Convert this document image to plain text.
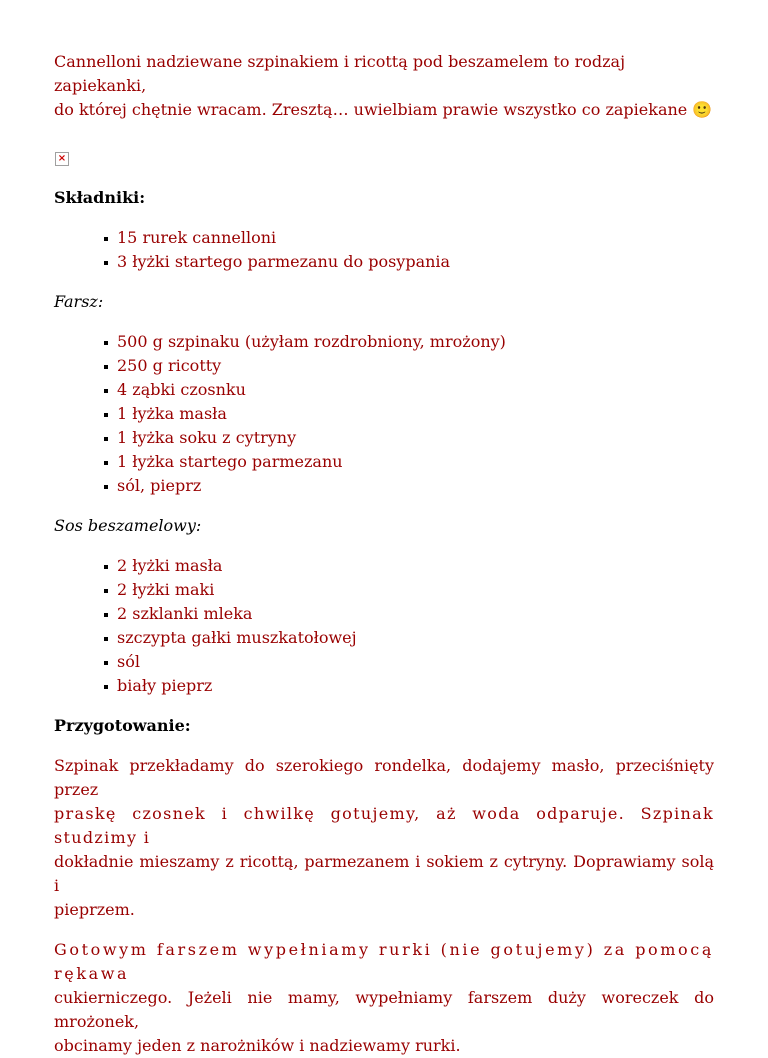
Cannelloni nadziewane szpinakiem i ricottą pod beszamelem to rodzaj zapiekanki,
do której chętnie wracam. Zresztą… uwielbiam prawie wszystko co zapiekane 🙂

×

Składniki:

15 rurek cannelloni
3 łyżki startego parmezanu do posypania

Farsz:

500 g szpinaku (użyłam rozdrobniony, mrożony)
250 g ricotty
4 ząbki czosnku
1 łyżka masła
1 łyżka soku z cytryny
1 łyżka startego parmezanu
sól, pieprz

Sos beszamelowy:

2 łyżki masła
2 łyżki maki
2 szklanki mleka
szczypta gałki muszkatołowej
sól
biały pieprz

Przygotowanie:

Szpinak przekładamy do szerokiego rondelka, dodajemy masło, przeciśnięty przez
praskę czosnek i chwilkę gotujemy, aż woda odparuje. Szpinak studzimy i
dokładnie mieszamy z ricottą, parmezanem i sokiem z cytryny. Doprawiamy solą i
pieprzem.

Gotowym farszem wypełniamy rurki (nie gotujemy) za pomocą rękawa
cukierniczego. Jeżeli nie mamy, wypełniamy farszem duży woreczek do mrożonek,
obcinamy jeden z narożników i nadziewamy rurki.
